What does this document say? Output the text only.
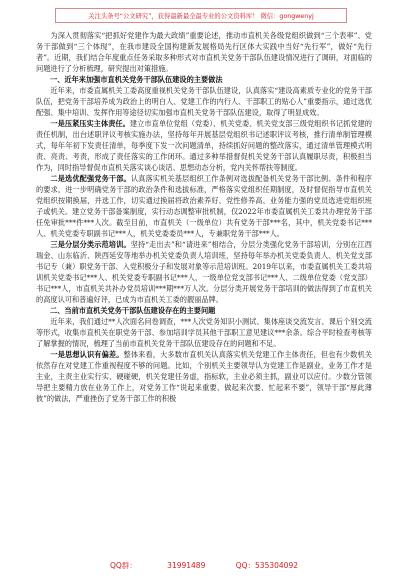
关注头条号“公文研究”，获得最新最全最专业的公文资料库！ 微信：gongwenyj

为深入贯彻落实“把抓好党建作为最大政绩”重要论述，推动市直机关各级党组织做到“三个表率”、党务干部做到“三个体现”，在我市建设全国构建新发展格局先行区体大实践中当好“先行军”，做好“先行者”。近期，我们结合年度重点任务采取多种形式对市直机关党务干部队伍建设情况进行了调研，对面临的问题进行了分析梳理，研究提出对策措施。

一、近年来加强市直机关党务干部队伍建设的主要做法

近年来，市委直属机关工委高度重视机关党务干部队伍建设，认真落实“建设高素质专业化的党务干部队伍，把党务干部培养成为政治上的明白人、党建工作的内行人、干部职工的贴心人”重要指示，通过选优配强、集中培训、发挥作用等途径切实加强市直机关党务干部队伍建设，取得了明显成效。

一是压紧压实主体责任。建立市直单位党组（党委）、机关党委、机关党支部三级党组织书记抓党建的责任机制，出台述职评议考核实施办法，坚持每年开展基层党组织书记述职评议考核，推行清单制管理模式，每年年初下发责任清单，每季度下发一次问题清单，持续抓好问题的整改落实，通过清单管理模式明责、亮责、考责，形成了责任落实的工作闭环。通过多种举措督促机关党务干部认真履职尽责，积极担当作为，同时指导督促市直机关落实谈心谈话、思想动态分析，党内关怀帮扶等制度。

二是选优配强党务干部。认真落实机关基层组织工作条例对选拔配备机关党务干部比例、条件和程序的要求，进一步明确党务干部的政治条件和选拔标准，严格落实党组织任期制度，及时督促指导市直机关党组织按期换届，并选工作，切实通过换届将政治素养好、党性修养高、业务能力强的党员选进党组织班子或机关。建立党务干部备案制度，实行动态调整审批机制，仅2022年市委直属机关工委共办理党务干部任免审批***件***人次。截至目前，市直机关（一级单位）共有党务干部***名，其中，机关党委书记***人、机关党委专职副书记***人，机关党委委员***人，专兼职党务干部***人。

三是分层分类示范培训。坚持“走出去”和“请进来”相结合，分层分类强化党务干部培训，分别在江西瑞金、山东临沂、陕西延安等地举办机关党委负责人培训班，坚持每年举办机关党委负责人、机关党支部书记专（兼）职党务干部、入党积极分子和发展对象等示范培训班。2019年以来，市委直属机关工委共培训机关党委书记***人、机关党委专职副书记***人、一级单位党支部书记***人、二级单位党委（党支部）书记***人，市直机关共补办党员培训***期***万人次。分层分类开展党务干部培训的做法得到了市直机关的高度认可和普遍好评，已成为市直机关工委的靓丽品牌。

二、当前市直机关党务干部队伍建设存在的主要问题

近年来，我们通过**人次面名问卷调查，***人次党务知识小测试、集体座谈交流发言、课后个别交流等形式，收集市直机关在职党务干部、参加培训学员其他干部职工意见建议***余条。综合平时检查考核等了解掌握的情况，梳理了当前市直机关党务干部队伍建设存在的问题和不足。

一是思想认识有偏差。整体来看，大多数市直机关认真落实机关党建工作主体责任，但也有少数机关依然存在对党建工作重视程度不够的问题。比如，个别机关主要领导认为党建工作是副业，业务工作才是主业，主责主业实行实、硬碰硬，机关党建任务虚，指标软，主业必须主抓，副业可以应付。少数分管领导把主要精力放在业务工作上，对党务工作“说起来重要、做起来次要、忙起来不要”，领导干部“厚此薄彼”的做法，严重挫伤了党务干部工作的积极

QQ群： 31991489 QQ：535304092
